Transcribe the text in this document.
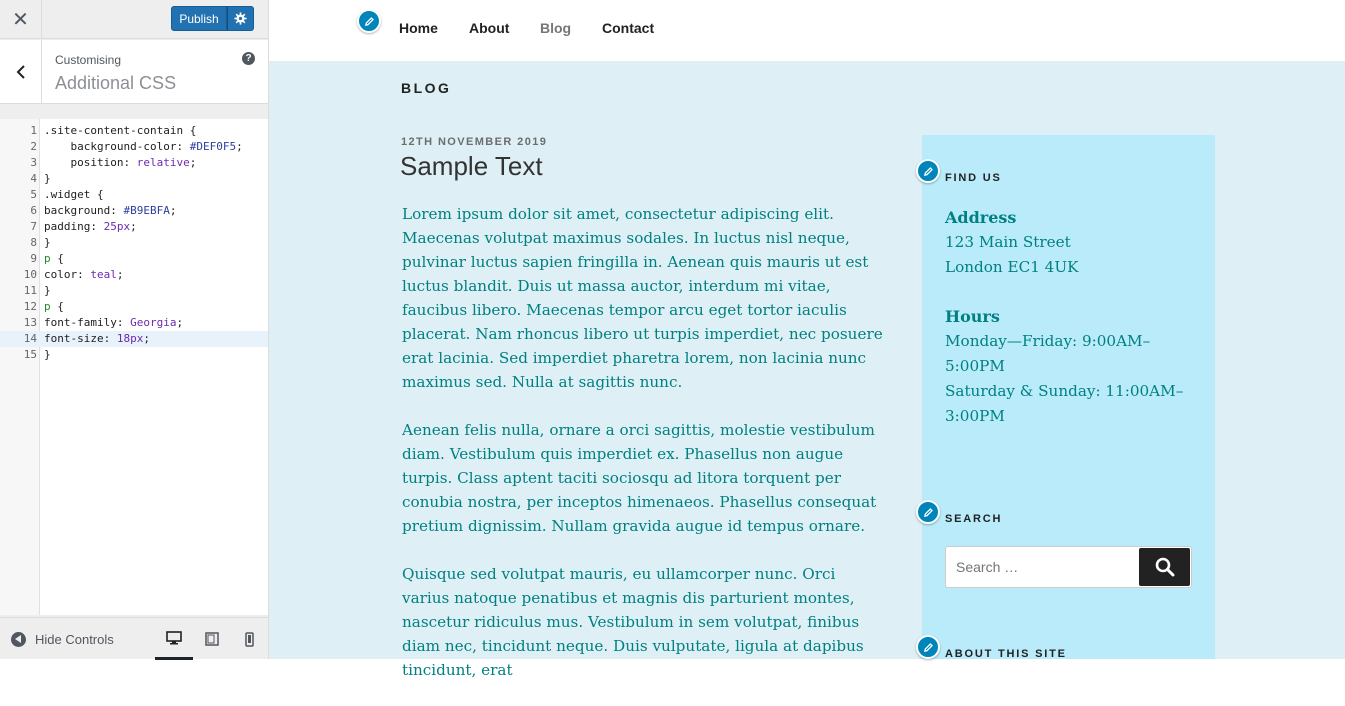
✕	Publish
Customising
Additional CSS
?
1 .site-content-contain {
2 background-color: #DEF0F5;
3 position: relative;
4 }
5 .widget {
6 background: #B9EBFA;
7 padding: 25px;
8 }
9 p {
10 color: teal;
11 }
12 p {
13 font-family: Georgia;
14 font-size: 18px;
15 }
Hide Controls
Home	About	Blog	Contact
BLOG
12TH NOVEMBER 2019
Sample Text

Lorem ipsum dolor sit amet, consectetur adipiscing elit. Maecenas volutpat maximus sodales. In luctus nisl neque, pulvinar luctus sapien fringilla in. Aenean quis mauris ut est luctus blandit. Duis ut massa auctor, interdum mi vitae, faucibus libero. Maecenas tempor arcu eget tortor iaculis placerat. Nam rhoncus libero ut turpis imperdiet, nec posuere erat lacinia. Sed imperdiet pharetra lorem, non lacinia nunc maximus sed. Nulla at sagittis nunc.

Aenean felis nulla, ornare a orci sagittis, molestie vestibulum diam. Vestibulum quis imperdiet ex. Phasellus non augue turpis. Class aptent taciti sociosqu ad litora torquent per conubia nostra, per inceptos himenaeos. Phasellus consequat pretium dignissim. Nullam gravida augue id tempus ornare.

Quisque sed volutpat mauris, eu ullamcorper nunc. Orci varius natoque penatibus et magnis dis parturient montes, nascetur ridiculus mus. Vestibulum in sem volutpat, finibus diam nec, tincidunt neque. Duis vulputate, ligula at dapibus tincidunt, erat

FIND US
Address
123 Main Street
London EC1 4UK
Hours
Monday—Friday: 9:00AM–
5:00PM
Saturday & Sunday: 11:00AM–
3:00PM
SEARCH
Search …
ABOUT THIS SITE
